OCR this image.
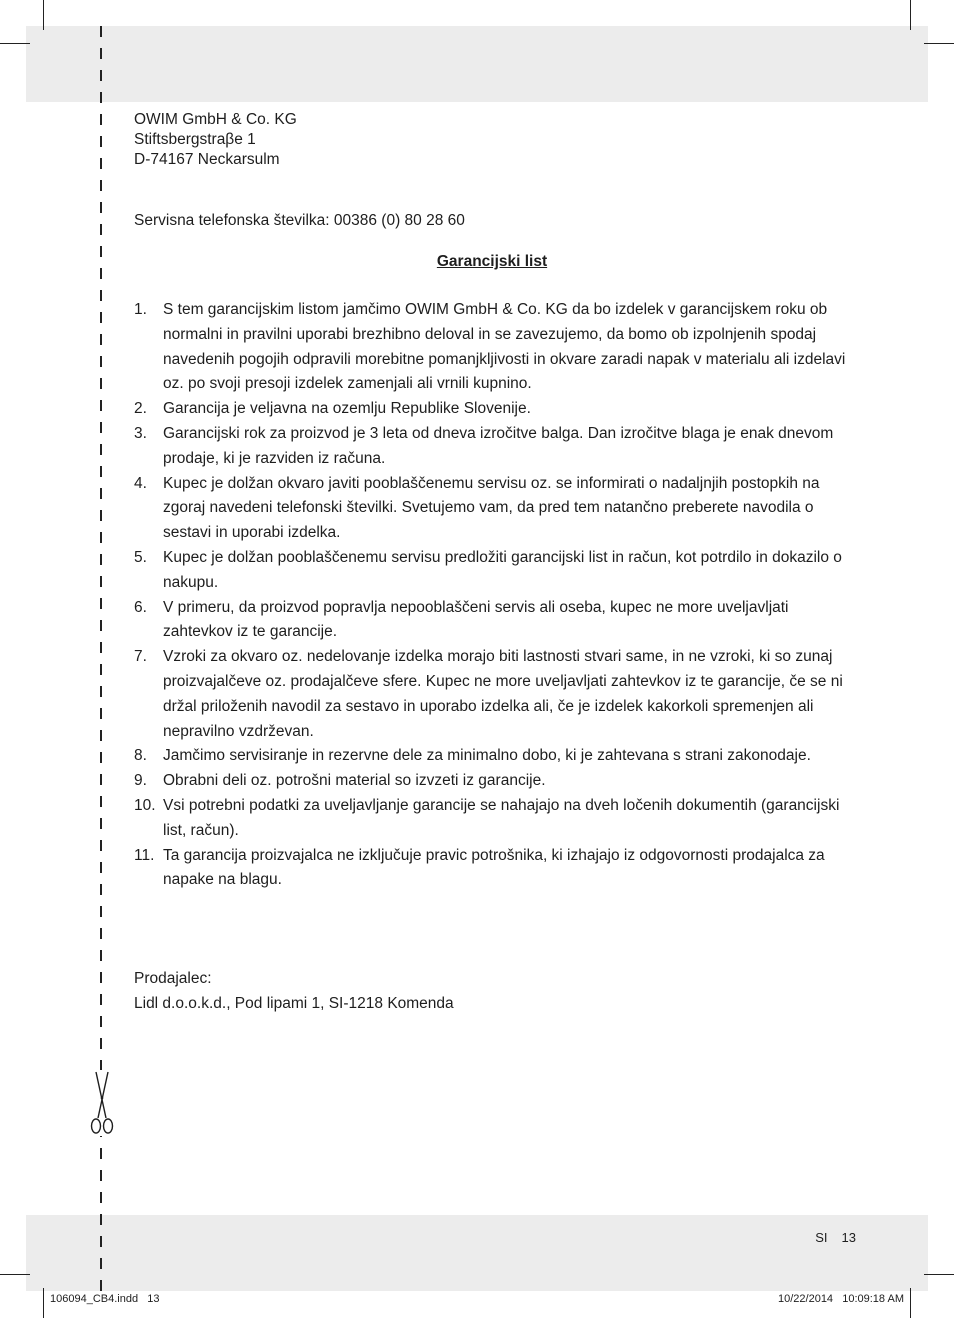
OWIM GmbH & Co. KG
Stiftsbergstraβe 1
D-74167 Neckarsulm
Servisna telefonska številka: 00386 (0) 80 28 60
Garancijski list
1. S tem garancijskim listom jamčimo OWIM GmbH & Co. KG da bo izdelek v garancijskem roku ob normalni in pravilni uporabi brezhibno deloval in se zavezujemo, da bomo ob izpolnjenih spodaj navedenih pogojih odpravili morebitne pomanjkljivosti in okvare zaradi napak v materialu ali izdelavi oz. po svoji presoji izdelek zamenjali ali vrnili kupnino.
2. Garancija je veljavna na ozemlju Republike Slovenije.
3. Garancijski rok za proizvod je 3 leta od dneva izročitve balga. Dan izročitve blaga je enak dnevom prodaje, ki je razviden iz računa.
4. Kupec je dolžan okvaro javiti pooblaščenemu servisu oz. se informirati o nadaljnjih postopkih na zgoraj navedeni telefonski številki. Svetujemo vam, da pred tem natančno preberete navodila o sestavi in uporabi izdelka.
5. Kupec je dolžan pooblaščenemu servisu predložiti garancijski list in račun, kot potrdilo in dokazilo o nakupu.
6. V primeru, da proizvod popravlja nepooblaščeni servis ali oseba, kupec ne more uveljavljati zahtevkov iz te garancije.
7. Vzroki za okvaro oz. nedelovanje izdelka morajo biti lastnosti stvari same, in ne vzroki, ki so zunaj proizvajalčeve oz. prodajalčeve sfere. Kupec ne more uveljavljati zahtevkov iz te garancije, če se ni držal priloženih navodil za sestavo in uporabo izdelka ali, če je izdelek kakorkoli spremenjen ali nepravilno vzdrževan.
8. Jamčimo servisiranje in rezervne dele za minimalno dobo, ki je zahtevana s strani zakonodaje.
9. Obrabni deli oz. potrošni material so izvzeti iz garancije.
10. Vsi potrebni podatki za uveljavljanje garancije se nahajajo na dveh ločenih dokumentih (garancijski list, račun).
11. Ta garancija proizvajalca ne izključuje pravic potrošnika, ki izhajajo iz odgovornosti prodajalca za napake na blagu.
Prodajalec:
Lidl d.o.o.k.d., Pod lipami 1, SI-1218 Komenda
SI 13
106094_CB4.indd   13	10/22/2014   10:09:18 AM
